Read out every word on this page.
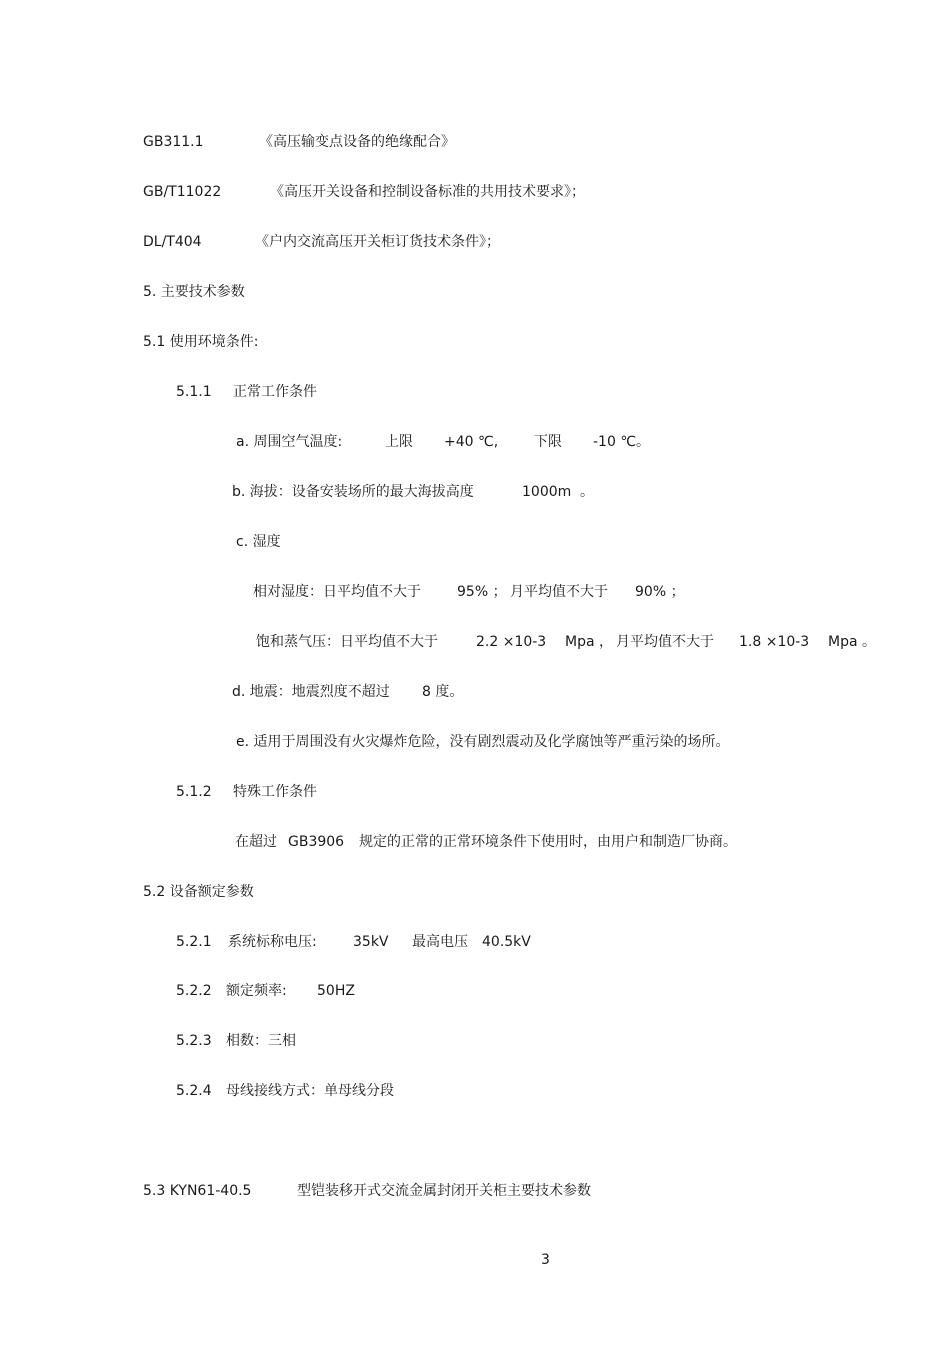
GB311.1	《高压输变点设备的绝缘配合》
GB/T11022	《高压开关设备和控制设备标准的共用技术要求》；
DL/T404	《户内交流高压开关柜订货技术条件》；
5. 主要技术参数
5.1 使用环境条件:
5.1.1 正常工作条件
a. 周围空气温度:	上限 +40 ℃,	下限 -10 ℃。
b. 海拔：设备安装场所的最大海拔高度	1000m 。
c. 湿度
相对湿度：日平均值不大于	95% ； 月平均值不大于 90% ；
饱和蒸气压：日平均值不大于	2.2 ×10-3 Mpa ， 月平均值不大于 1.8 ×10-3 Mpa 。
d. 地震：地震烈度不超过 8 度。
e. 适用于周围没有火灾爆炸危险，没有剧烈震动及化学腐蚀等严重污染的场所。
5.1.2 特殊工作条件
在超过 GB3906 规定的正常的正常环境条件下使用时，由用户和制造厂协商。
5.2 设备额定参数
5.2.1 系统标称电压:	35kV 最高电压 40.5kV
5.2.2 额定频率: 50HZ
5.2.3 相数：三相
5.2.4 母线接线方式：单母线分段
5.3 KYN61-40.5	型铠装移开式交流金属封闭开关柜主要技术参数
3
